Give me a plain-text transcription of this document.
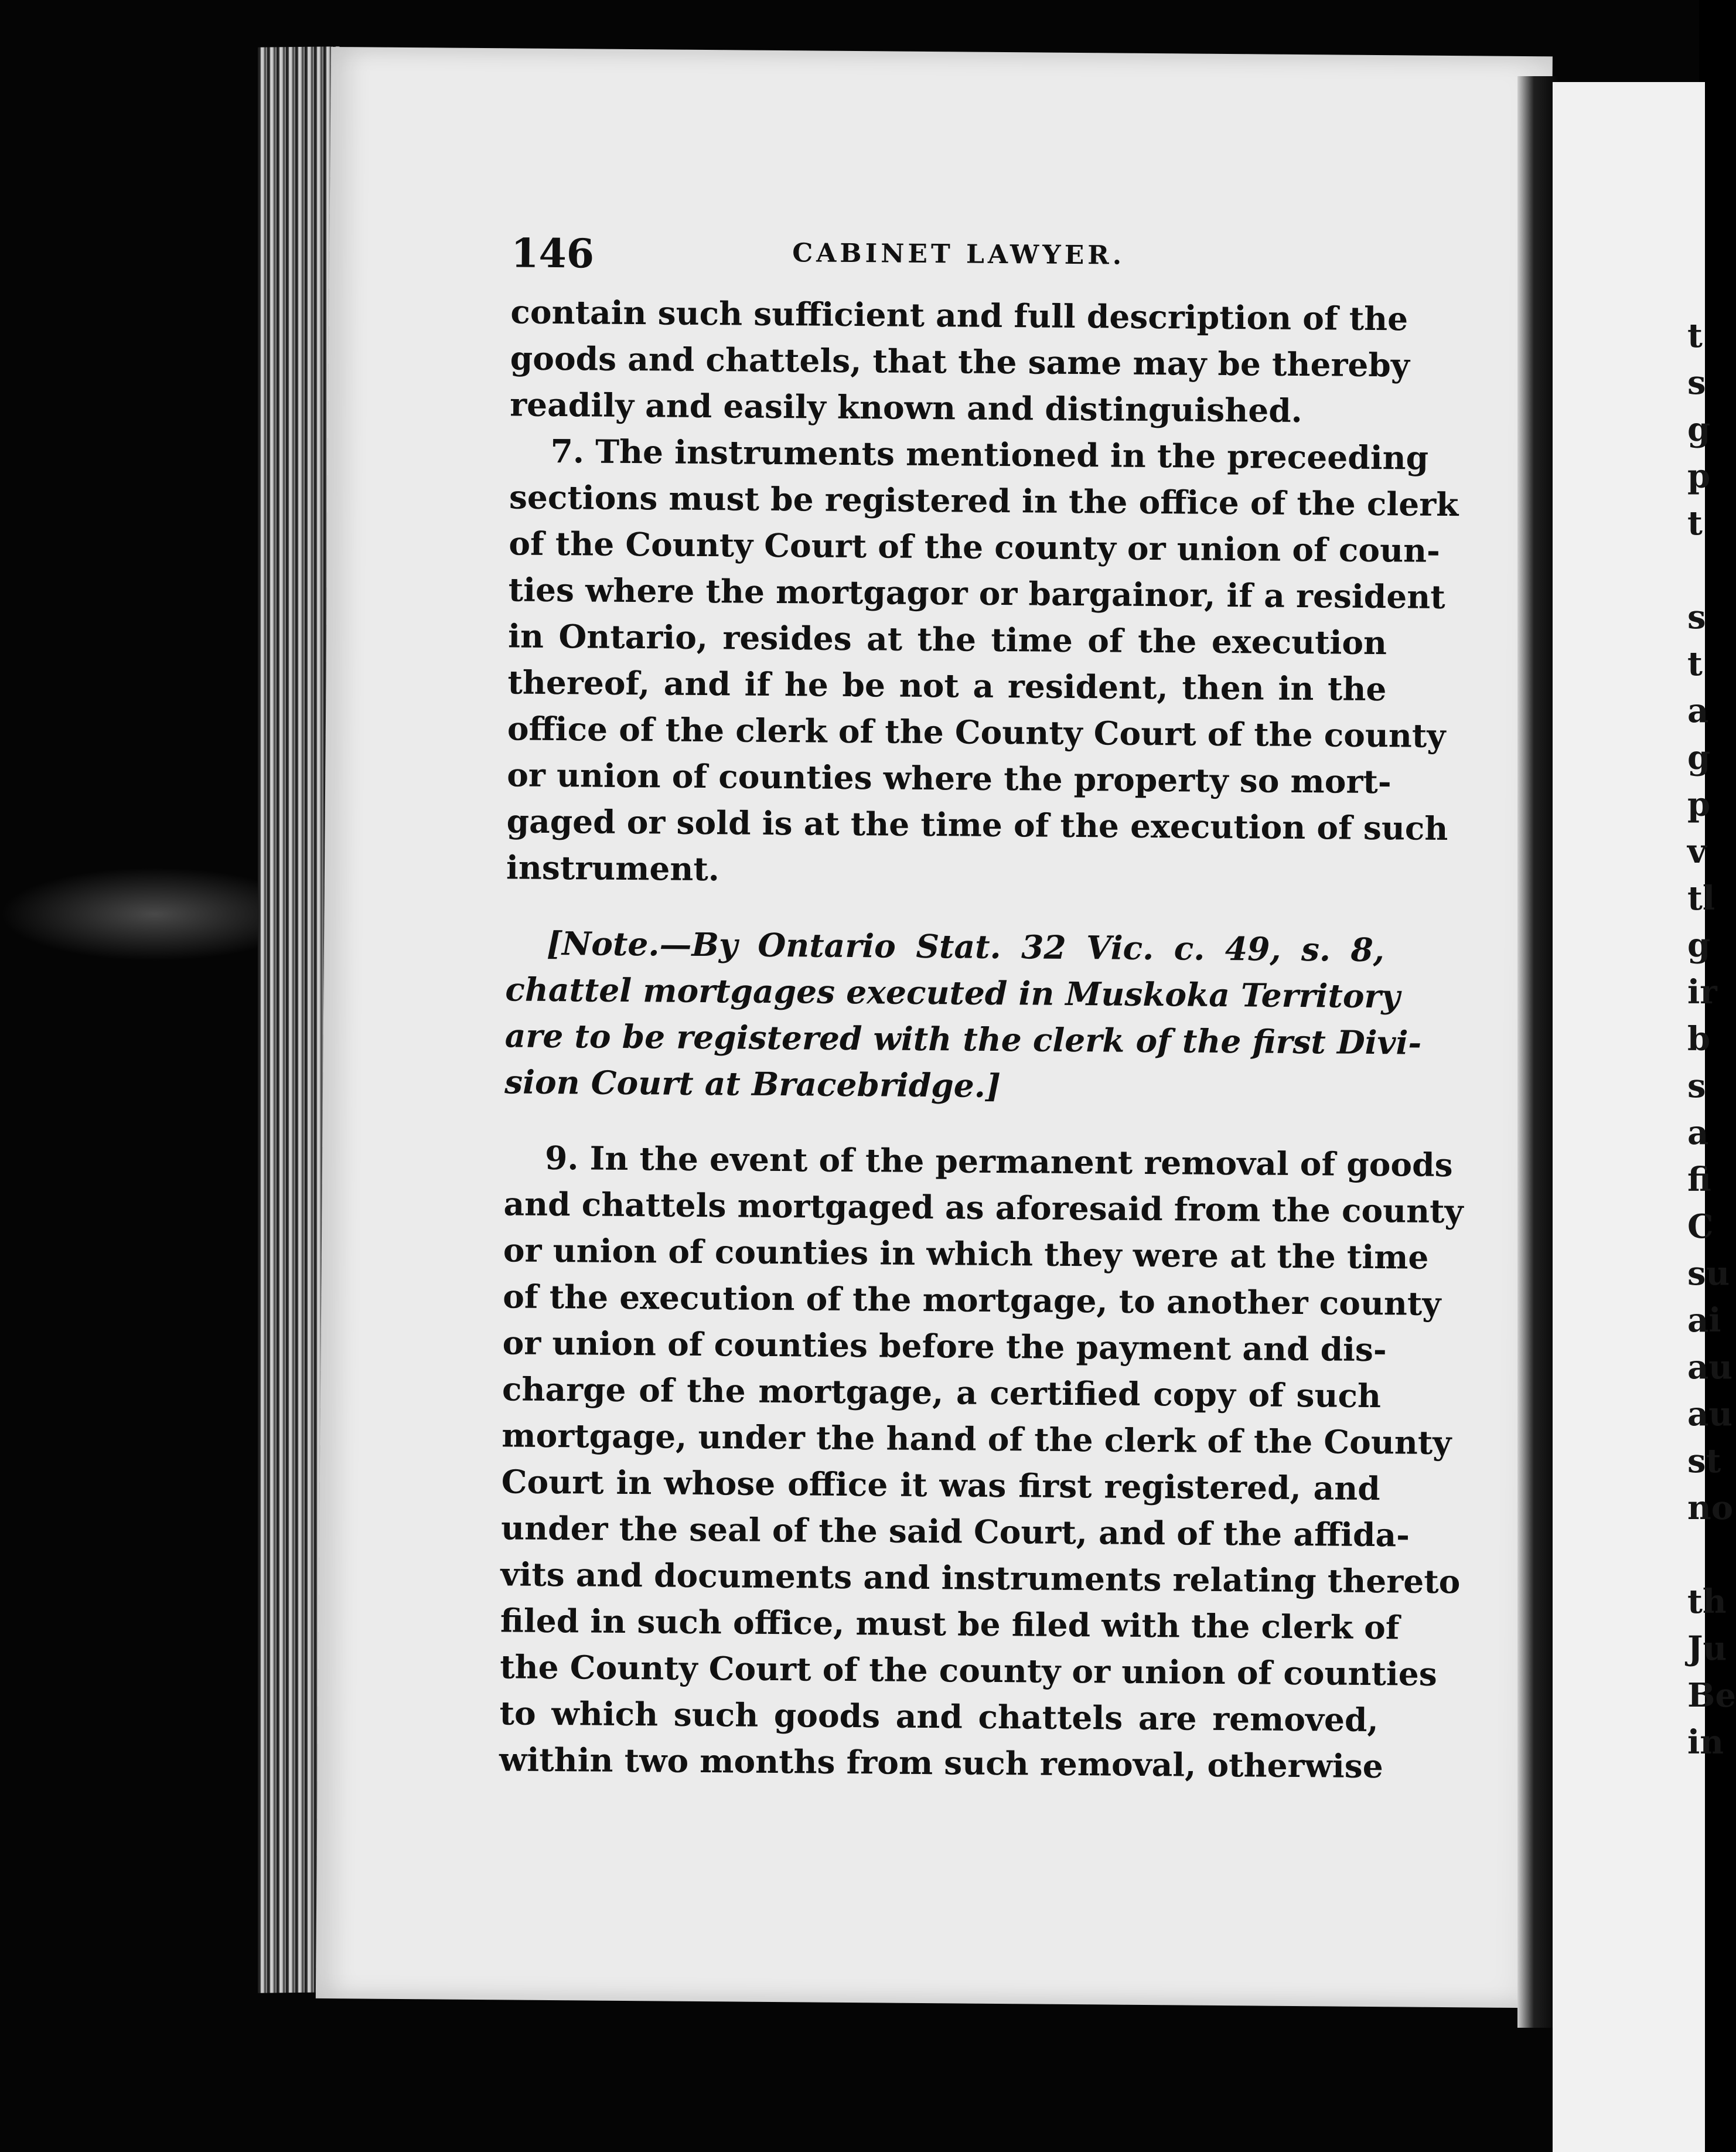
146	CABINET LAWYER.
contain such sufficient and full description of the
goods and chattels, that the same may be thereby
readily and easily known and distinguished.
7. The instruments mentioned in the preceeding
sections must be registered in the office of the clerk
of the County Court of the county or union of coun-
ties where the mortgagor or bargainor, if a resident
in Ontario, resides at the time of the execution
thereof, and if he be not a resident, then in the
office of the clerk of the County Court of the county
or union of counties where the property so mort-
gaged or sold is at the time of the execution of such
instrument.
[Note.—By Ontario Stat. 32 Vic. c. 49, s. 8,
chattel mortgages executed in Muskoka Territory
are to be registered with the clerk of the first Divi-
sion Court at Bracebridge.]
9. In the event of the permanent removal of goods
and chattels mortgaged as aforesaid from the county
or union of counties in which they were at the time
of the execution of the mortgage, to another county
or union of counties before the payment and dis-
charge of the mortgage, a certified copy of such
mortgage, under the hand of the clerk of the County
Court in whose office it was first registered, and
under the seal of the said Court, and of the affida-
vits and documents and instruments relating thereto
filed in such office, must be filed with the clerk of
the County Court of the county or union of counties
to which such goods and chattels are removed,
within two months from such removal, otherwise
t
s
g
p
t
s
t
a
g
p
v
tl
g
ir
b
s
a
fi
C
su
ai
au
au
st
no
th
Ju
Be
in
